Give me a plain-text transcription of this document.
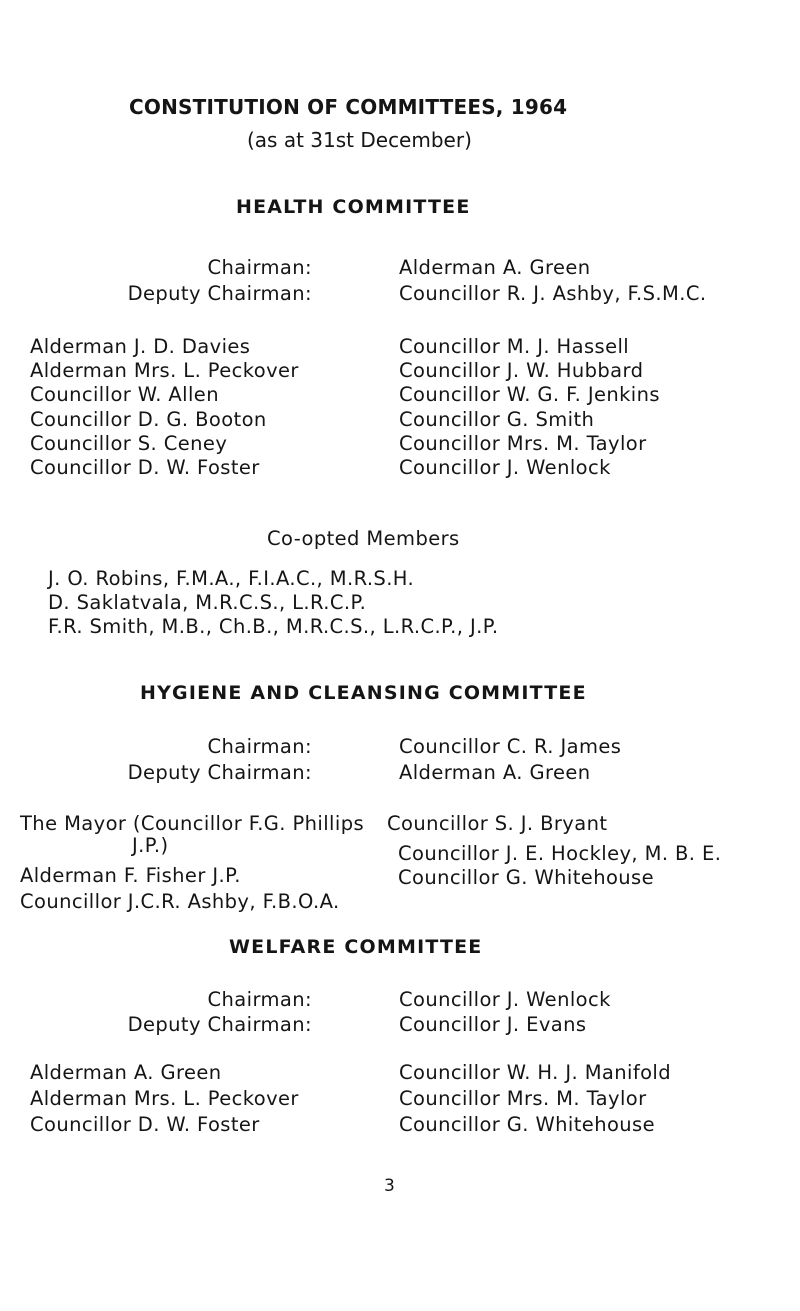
CONSTITUTION OF COMMITTEES, 1964
(as at 31st December)
HEALTH COMMITTEE
Chairman:	Alderman A. Green
Deputy Chairman:	Councillor R. J. Ashby, F.S.M.C.
Alderman J. D. Davies
Alderman Mrs. L. Peckover
Councillor W. Allen
Councillor D. G. Booton
Councillor S. Ceney
Councillor D. W. Foster
Councillor M. J. Hassell
Councillor J. W. Hubbard
Councillor W. G. F. Jenkins
Councillor G. Smith
Councillor Mrs. M. Taylor
Councillor J. Wenlock
Co-opted Members
J. O. Robins, F.M.A., F.I.A.C., M.R.S.H.
D. Saklatvala, M.R.C.S., L.R.C.P.
F.R. Smith, M.B., Ch.B., M.R.C.S., L.R.C.P., J.P.
HYGIENE AND CLEANSING COMMITTEE
Chairman:	Councillor C. R. James
Deputy Chairman:	Alderman A. Green
The Mayor (Councillor F.G. Phillips
J.P.)
Alderman F. Fisher J.P.
Councillor J.C.R. Ashby, F.B.O.A.
Councillor S. J. Bryant
Councillor J. E. Hockley, M. B. E.
Councillor G. Whitehouse
WELFARE COMMITTEE
Chairman:	Councillor J. Wenlock
Deputy Chairman:	Councillor J. Evans
Alderman A. Green
Alderman Mrs. L. Peckover
Councillor D. W. Foster
Councillor W. H. J. Manifold
Councillor Mrs. M. Taylor
Councillor G. Whitehouse
3
